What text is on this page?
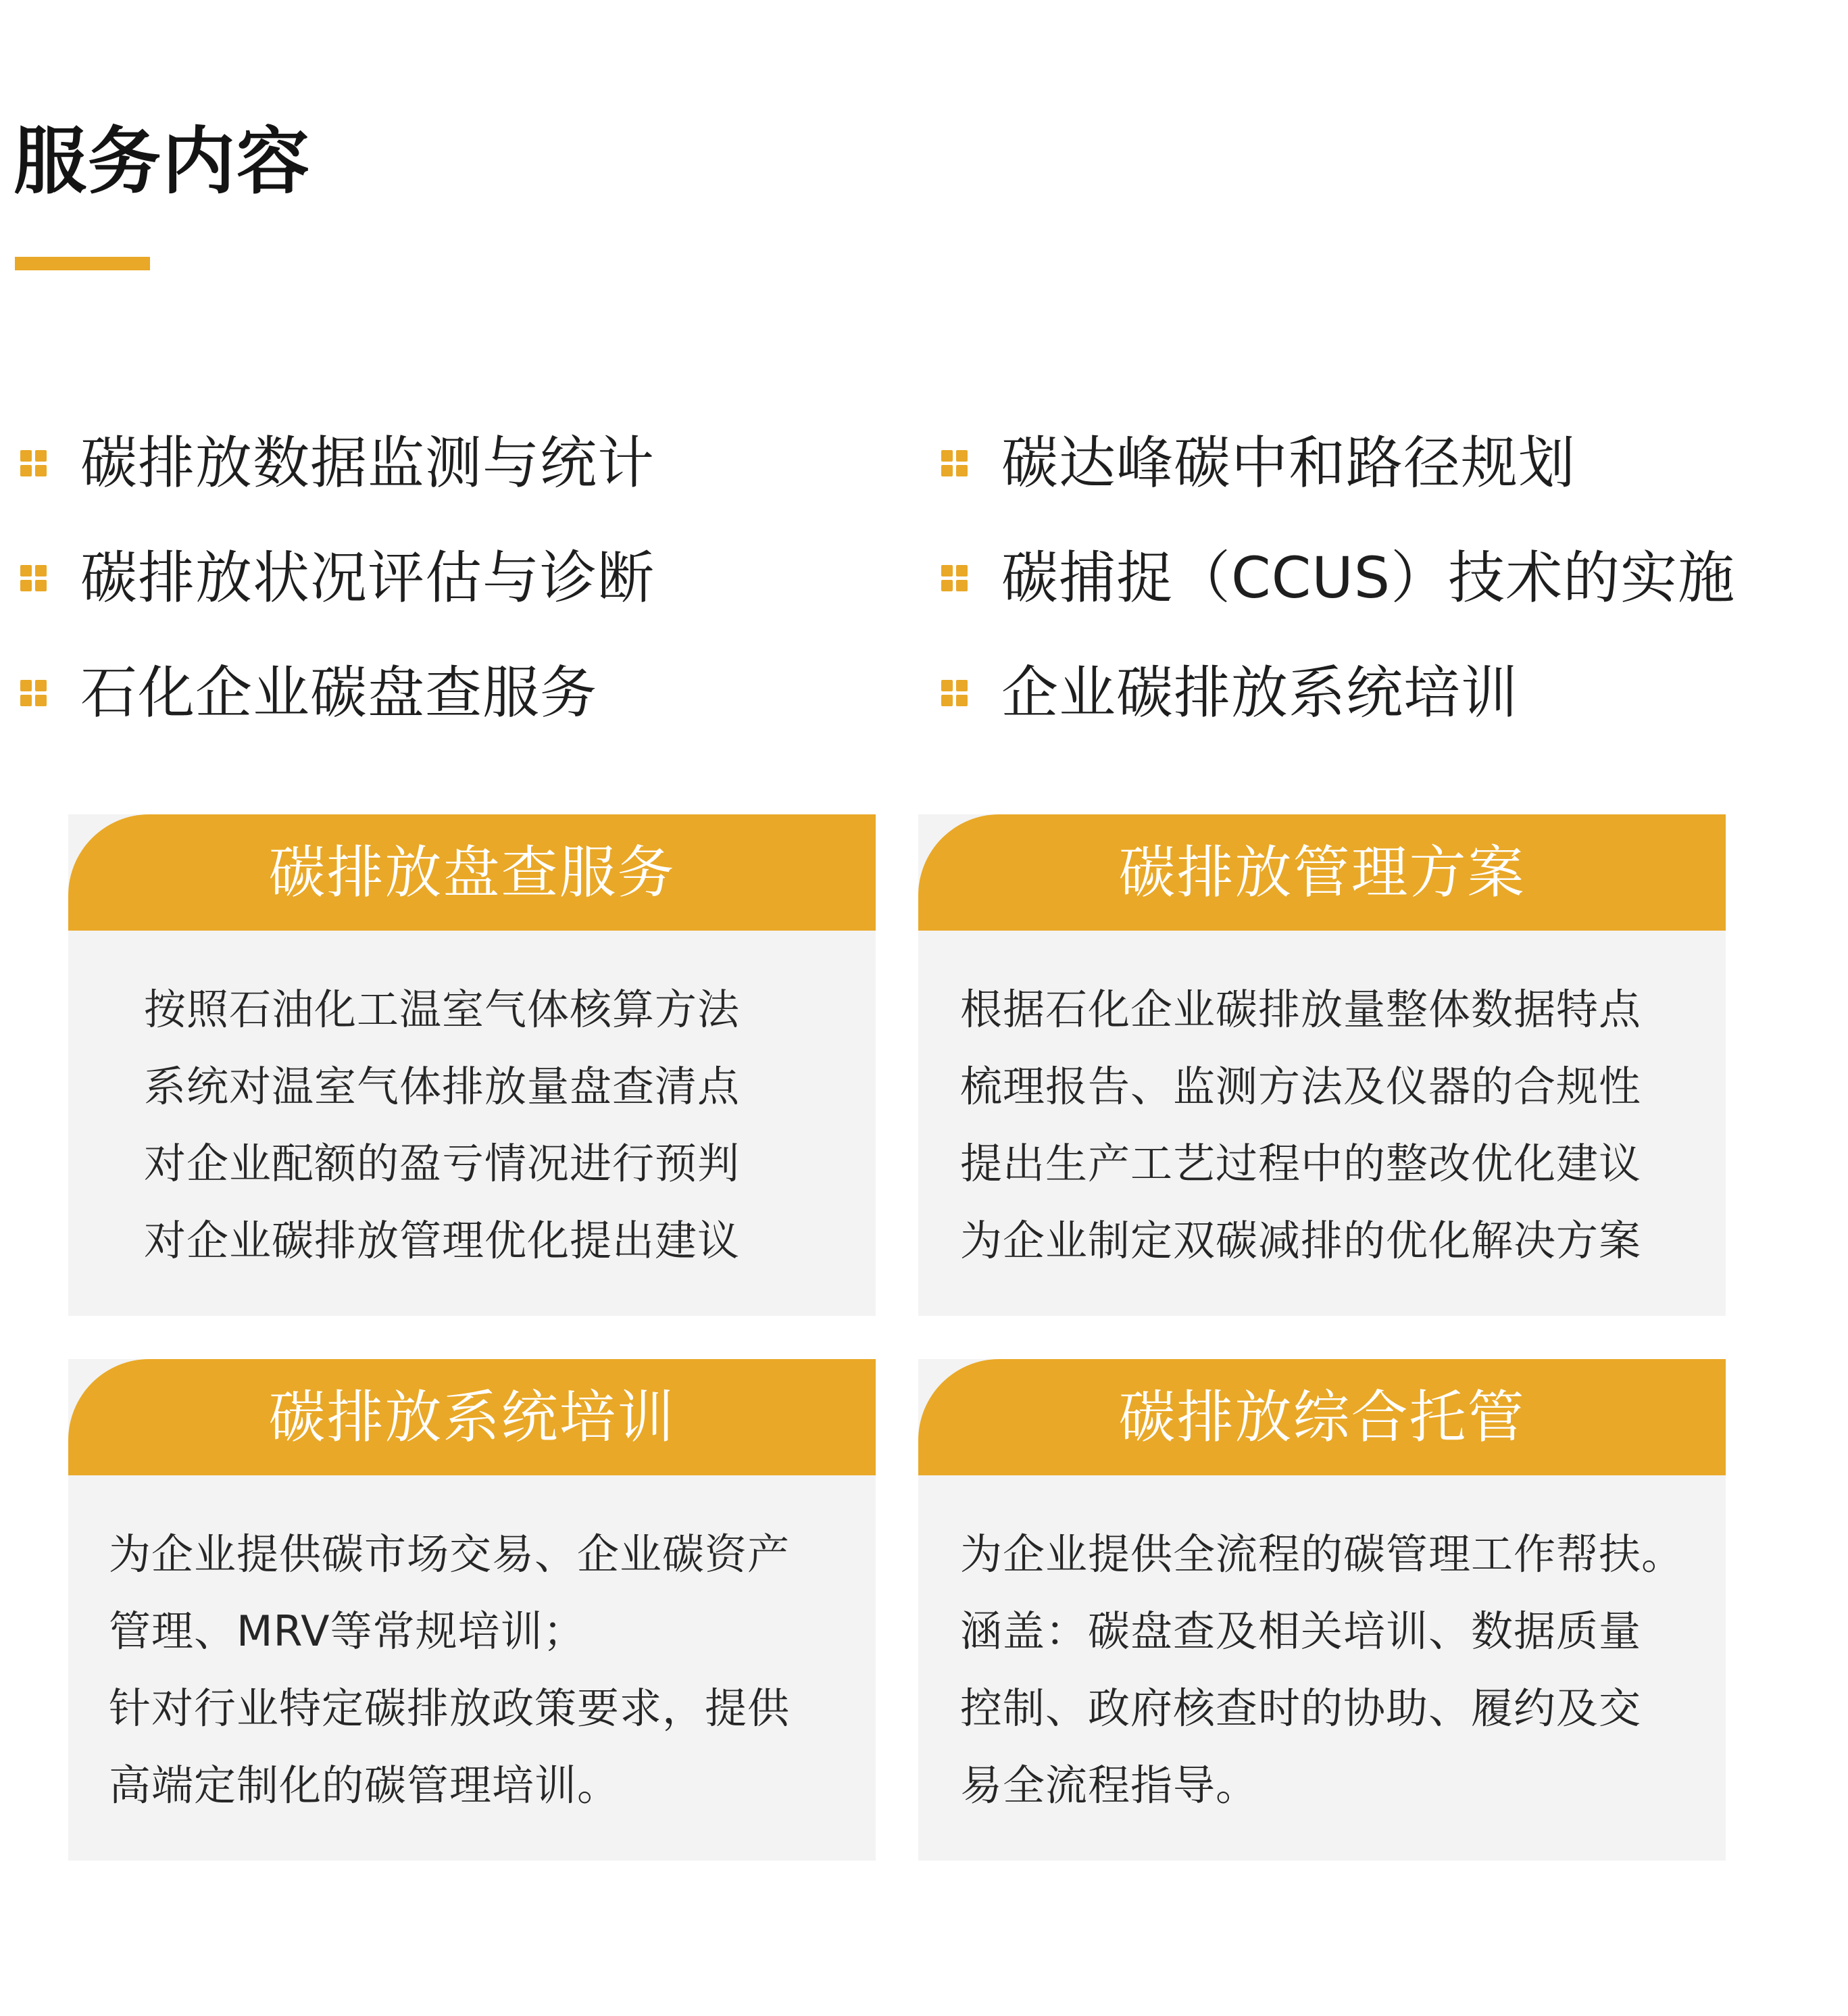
服务内容
碳排放数据监测与统计
碳排放状况评估与诊断
石化企业碳盘查服务
碳达峰碳中和路径规划
碳捕捉（CCUS）技术的实施
企业碳排放系统培训
碳排放盘查服务
按照石油化工温室气体核算方法
系统对温室气体排放量盘查清点
对企业配额的盈亏情况进行预判
对企业碳排放管理优化提出建议
碳排放管理方案
根据石化企业碳排放量整体数据特点
梳理报告、监测方法及仪器的合规性
提出生产工艺过程中的整改优化建议
为企业制定双碳减排的优化解决方案
碳排放系统培训
为企业提供碳市场交易、企业碳资产
管理、MRV等常规培训；
针对行业特定碳排放政策要求，提供
高端定制化的碳管理培训。
碳排放综合托管
为企业提供全流程的碳管理工作帮扶。
涵盖：碳盘查及相关培训、数据质量
控制、政府核查时的协助、履约及交
易全流程指导。
